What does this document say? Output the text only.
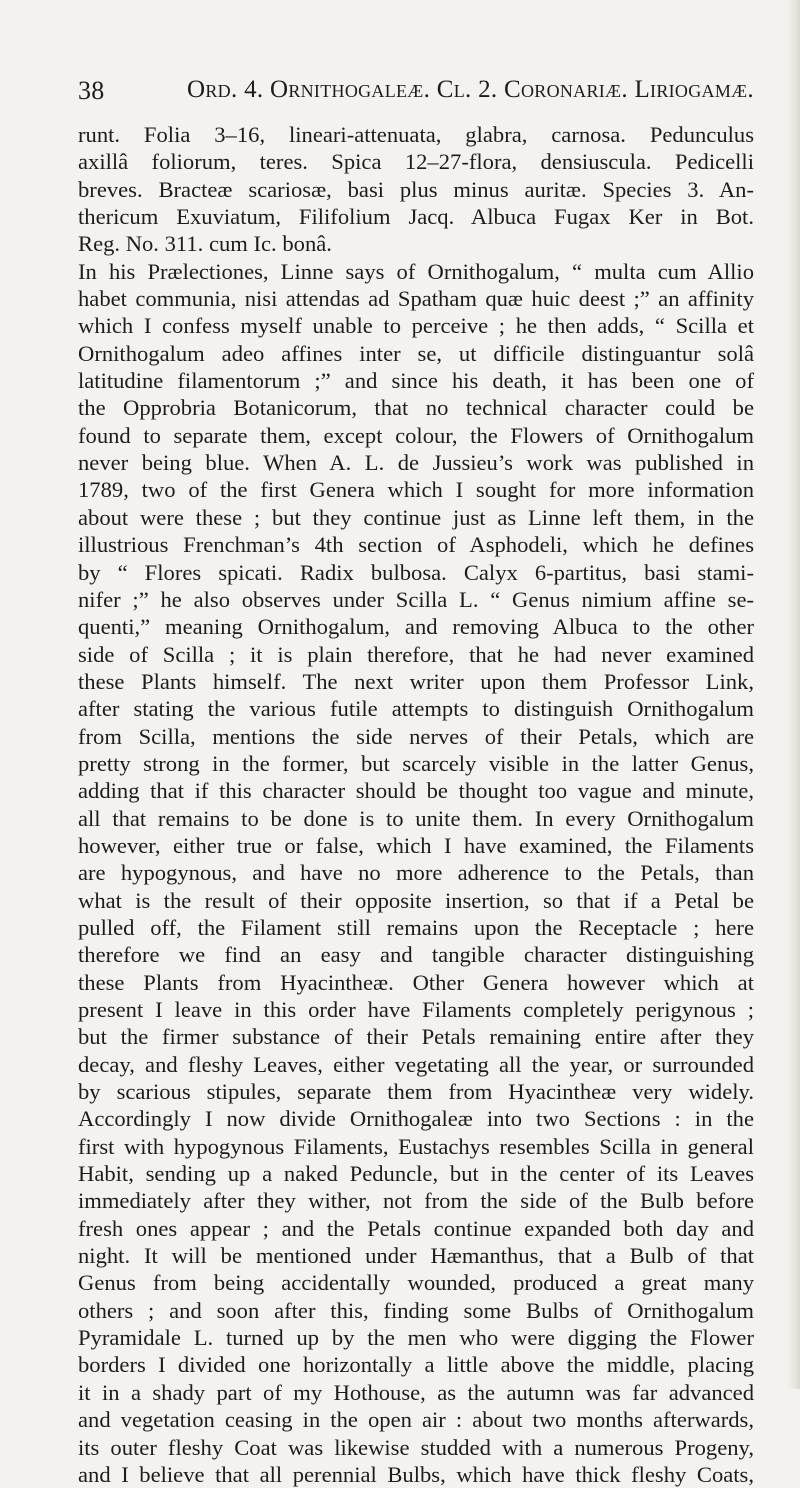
38	Ord. 4. Ornithogaleæ. Cl. 2. Coronariæ. Liriogamæ.
runt. Folia 3–16, lineari-attenuata, glabra, carnosa. Pedunculus
axillâ foliorum, teres. Spica 12–27-flora, densiuscula. Pedicelli
breves. Bracteæ scariosæ, basi plus minus auritæ. Species 3. An-
thericum Exuviatum, Filifolium Jacq. Albuca Fugax Ker in Bot.
Reg. No. 311. cum Ic. bonâ.
In his Prælectiones, Linne says of Ornithogalum, “ multa cum Allio
habet communia, nisi attendas ad Spatham quæ huic deest ;” an affinity
which I confess myself unable to perceive ; he then adds, “ Scilla et
Ornithogalum adeo affines inter se, ut difficile distinguantur solâ
latitudine filamentorum ;” and since his death, it has been one of
the Opprobria Botanicorum, that no technical character could be
found to separate them, except colour, the Flowers of Ornithogalum
never being blue. When A. L. de Jussieu’s work was published in
1789, two of the first Genera which I sought for more information
about were these ; but they continue just as Linne left them, in the
illustrious Frenchman’s 4th section of Asphodeli, which he defines
by “ Flores spicati. Radix bulbosa. Calyx 6-partitus, basi stami-
nifer ;” he also observes under Scilla L. “ Genus nimium affine se-
quenti,” meaning Ornithogalum, and removing Albuca to the other
side of Scilla ; it is plain therefore, that he had never examined
these Plants himself. The next writer upon them Professor Link,
after stating the various futile attempts to distinguish Ornithogalum
from Scilla, mentions the side nerves of their Petals, which are
pretty strong in the former, but scarcely visible in the latter Genus,
adding that if this character should be thought too vague and minute,
all that remains to be done is to unite them. In every Ornithogalum
however, either true or false, which I have examined, the Filaments
are hypogynous, and have no more adherence to the Petals, than
what is the result of their opposite insertion, so that if a Petal be
pulled off, the Filament still remains upon the Receptacle ; here
therefore we find an easy and tangible character distinguishing
these Plants from Hyacintheæ. Other Genera however which at
present I leave in this order have Filaments completely perigynous ;
but the firmer substance of their Petals remaining entire after they
decay, and fleshy Leaves, either vegetating all the year, or surrounded
by scarious stipules, separate them from Hyacintheæ very widely.
Accordingly I now divide Ornithogaleæ into two Sections : in the
first with hypogynous Filaments, Eustachys resembles Scilla in general
Habit, sending up a naked Peduncle, but in the center of its Leaves
immediately after they wither, not from the side of the Bulb before
fresh ones appear ; and the Petals continue expanded both day and
night. It will be mentioned under Hæmanthus, that a Bulb of that
Genus from being accidentally wounded, produced a great many
others ; and soon after this, finding some Bulbs of Ornithogalum
Pyramidale L. turned up by the men who were digging the Flower
borders I divided one horizontally a little above the middle, placing
it in a shady part of my Hothouse, as the autumn was far advanced
and vegetation ceasing in the open air : about two months afterwards,
its outer fleshy Coat was likewise studded with a numerous Progeny,
and I believe that all perennial Bulbs, which have thick fleshy Coats,
